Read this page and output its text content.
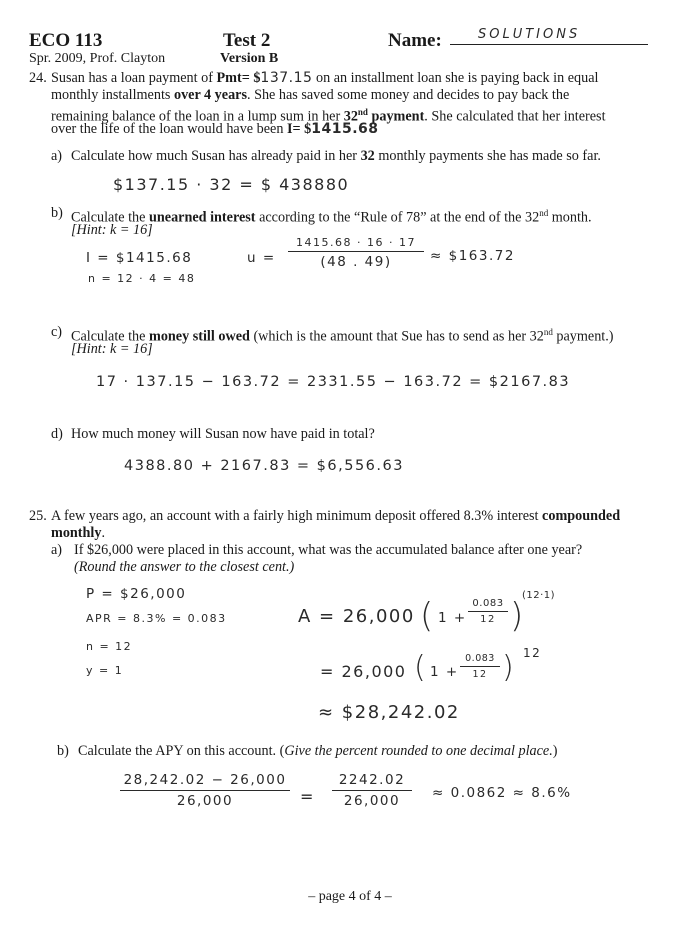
ECO 113
Spr. 2009, Prof. Clayton
Test 2
Version B
Name:	SOLUTIONS
24. Susan has a loan payment of Pmt= $137.15 on an installment loan she is paying back in equal
monthly installments over 4 years. She has saved some money and decides to pay back the
remaining balance of the loan in a lump sum in her 32nd payment. She calculated that her interest
over the life of the loan would have been I= $1415.68
a) Calculate how much Susan has already paid in her 32 monthly payments she has made so far.
$137.15 · 32 = $ 438880
b) Calculate the unearned interest according to the “Rule of 78” at the end of the 32nd month.
[Hint: k = 16]
I = $1415.68
n = 12 · 4 = 48
u =
1415.68 · 16 · 17
(48 . 49)	≈ $163.72
c) Calculate the money still owed (which is the amount that Sue has to send as her 32nd payment.)
[Hint: k = 16]
17 · 137.15 − 163.72 = 2331.55 − 163.72 = $2167.83
d) How much money will Susan now have paid in total?
4388.80 + 2167.83 = $6,556.63
25. A few years ago, an account with a fairly high minimum deposit offered 8.3% interest compounded
monthly.
a) If $26,000 were placed in this account, what was the accumulated balance after one year?
(Round the answer to the closest cent.)
P = $26,000
APR = 8.3% = 0.083
n = 12
y = 1
A = 26,000 ( 1 +
0.083
12 )
(12·1)
= 26,000 ( 1 +
0.083
12 ) 12
≈ $28,242.02
b) Calculate the APY on this account. (Give the percent rounded to one decimal place.)
28,242.02 − 26,000
26,000	=
2242.02
26,000 ≈ 0.0862 ≈ 8.6%
– page 4 of 4 –
